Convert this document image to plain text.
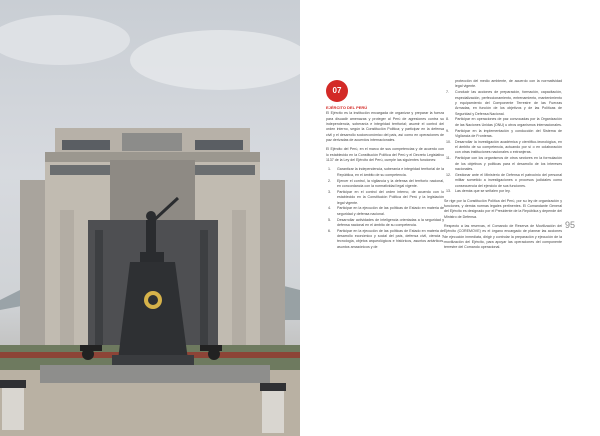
07
EJÉRCITO DEL PERÚ

El Ejército es la institución encargada de organizar y preparar la fuerza para disuadir amenazas y proteger al Perú de agresiones contra su independencia, soberanía e integridad territorial; asumir el control del orden interno, según la Constitución Política; y participar en la defensa civil y el desarrollo socioeconómico del país, así como en operaciones de paz derivadas de acuerdos internacionales.

El Ejército del Perú, en el marco de sus competencias y de acuerdo con lo establecido en la Constitución Política del Perú y el Decreto Legislativo 1137 de la Ley del Ejército del Perú, cumple las siguientes funciones:

1. Garantizar la independencia, soberanía e integridad territorial de la República, en el ámbito de su competencia.
2. Ejercer el control, la vigilancia y la defensa del territorio nacional, en concordancia con la normatividad legal vigente.
3. Participar en el control del orden interno, de acuerdo con lo establecido en la Constitución Política del Perú y la legislación legal vigente.
4. Participar en la ejecución de las políticas de Estado en materia de seguridad y defensa nacional.
5. Desarrollar actividades de inteligencia orientadas a la seguridad y defensa nacional en el ámbito de su competencia.
6. Participar en la ejecución de las políticas de Estado en materia de desarrollo económico y social del país, defensa civil, ciencia y tecnología, objetos arqueológicos e históricos, asuntos antárticos, asuntos amazónicos y de
protección del medio ambiente, de acuerdo con la normatividad legal vigente.
7. Conducir las acciones de preparación, formación, capacitación, especialización, perfeccionamiento, entrenamiento, mantenimiento y equipamiento del Componente Terrestre de las Fuerzas Armadas, en función de los objetivos y de las Políticas de Seguridad y Defensa Nacional.
8. Participar en operaciones de paz convocadas por la Organización de las Naciones Unidas (ONU) u otros organismos internacionales.
9. Participar en la implementación y conducción del Sistema de Vigilancia de Fronteras.
10. Desarrollar la investigación académica y científico-tecnológica, en el ámbito de su competencia, actuando por sí o en colaboración con otras instituciones nacionales o extranjeras.
11. Participar con los organismos de otros sectores en la formulación de los objetivos y políticas para el desarrollo de los intereses nacionales.
12. Gestionar ante el Ministerio de Defensa el patrocinio del personal militar sometido a investigaciones o procesos judiciales como consecuencia del ejercicio de sus funciones.
13. Las demás que se señalen por ley.

Se rige por la Constitución Política del Perú, por su ley de organización y funciones, y demás normas legales pertinentes. El Comandante General del Ejército es designado por el Presidente de la República y depende del Ministro de Defensa.

Respecto a las reservas, el Comando de Reserva de Movilización del Ejército (COREMOVE) es el órgano encargado de planear las acciones de ejecución inmediata, dirigir y controlar la preparación y ejecución de la movilización del Ejército, para apoyar las operaciones del componente terrestre del Comando operacional.

95
